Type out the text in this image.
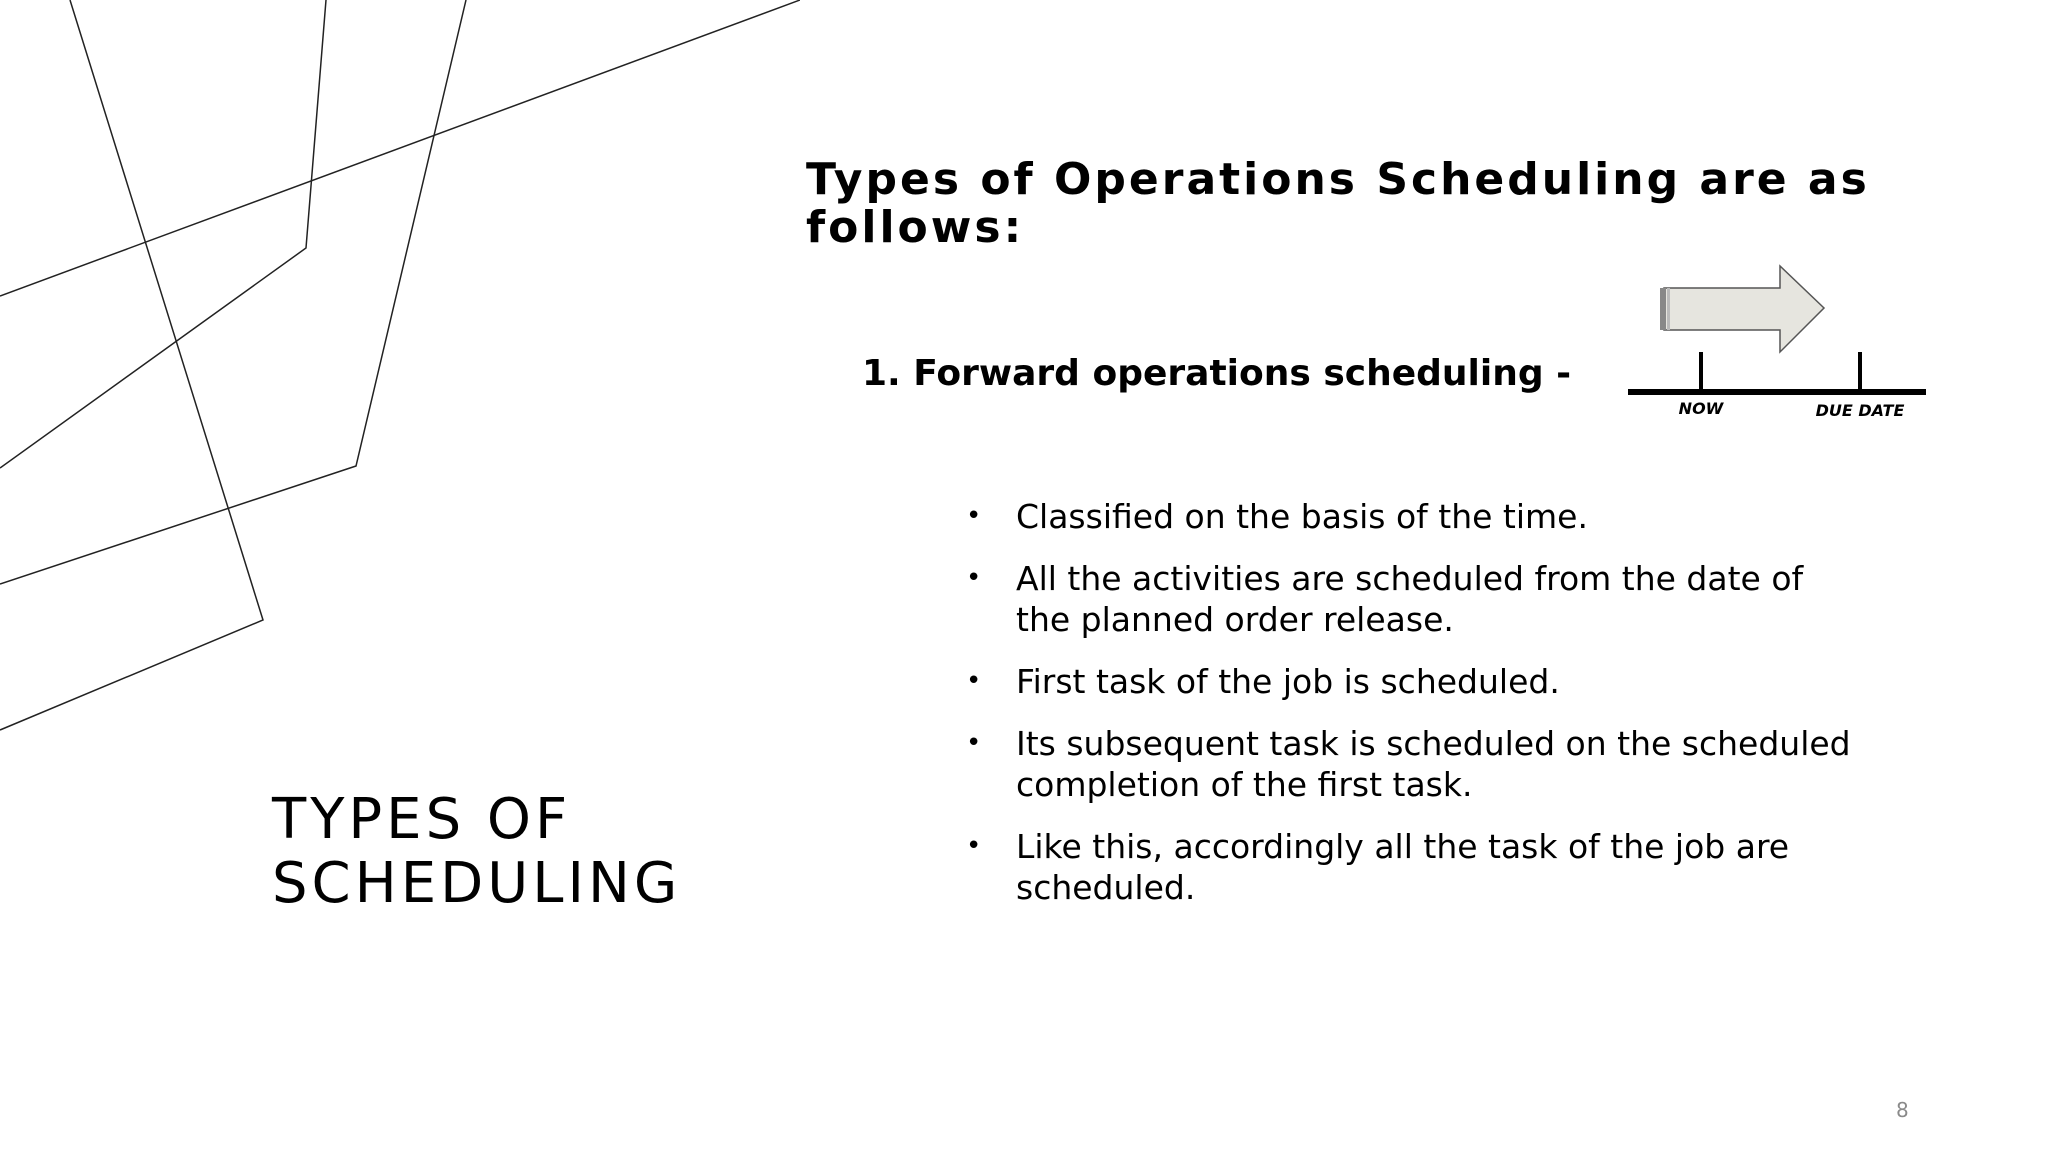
TYPES OF
SCHEDULING
Types of Operations Scheduling are as
follows:
1. Forward operations scheduling -
NOW	DUE DATE
• Classified on the basis of the time.
• All the activities are scheduled from the date of the planned order release.
• First task of the job is scheduled.
• Its subsequent task is scheduled on the scheduled completion of the first task.
• Like this, accordingly all the task of the job are scheduled.
8
